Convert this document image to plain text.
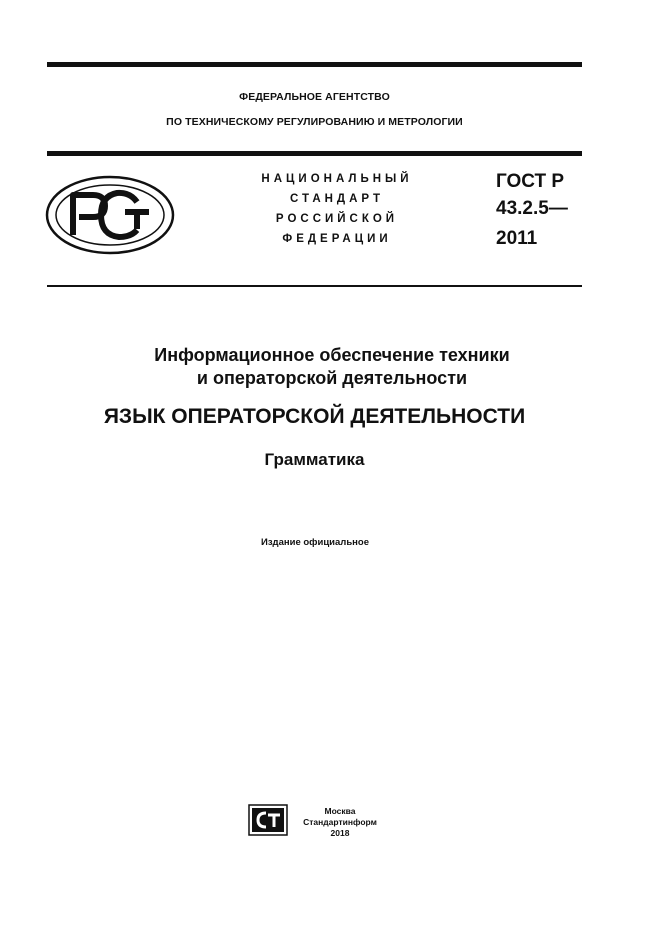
ФЕДЕРАЛЬНОЕ АГЕНТСТВО
ПО ТЕХНИЧЕСКОМУ РЕГУЛИРОВАНИЮ И МЕТРОЛОГИИ
НАЦИОНАЛЬНЫЙ
СТАНДАРТ
РОССИЙСКОЙ
ФЕДЕРАЦИИ
ГОСТ Р
43.2.5—
2011
Информационное обеспечение техники
и операторской деятельности
ЯЗЫК ОПЕРАТОРСКОЙ ДЕЯТЕЛЬНОСТИ
Грамматика
Издание официальное
Москва
Стандартинформ
2018
